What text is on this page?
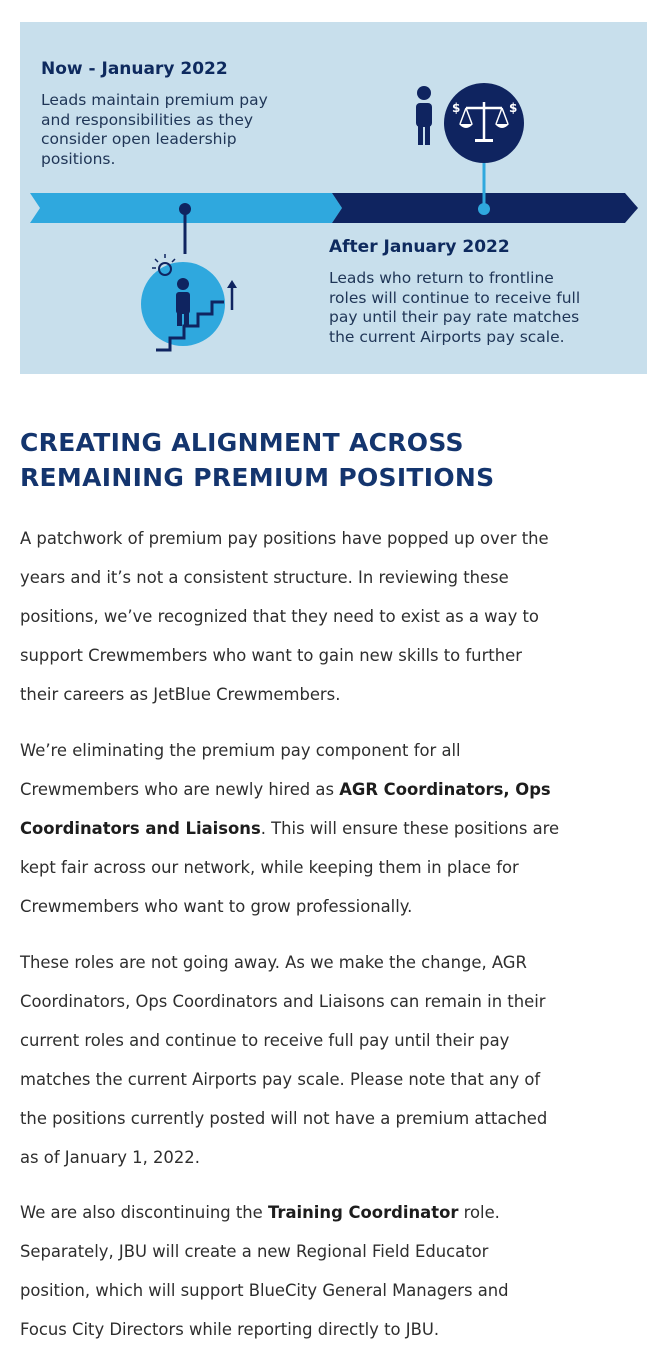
$	$
Now - January 2022
Leads maintain premium pay
and responsibilities as they
consider open leadership
positions.
After January 2022
Leads who return to frontline
roles will continue to receive full
pay until their pay rate matches
the current Airports pay scale.
CREATING ALIGNMENT ACROSS
REMAINING PREMIUM POSITIONS
A patchwork of premium pay positions have popped up over the
years and it’s not a consistent structure. In reviewing these
positions, we’ve recognized that they need to exist as a way to
support Crewmembers who want to gain new skills to further
their careers as JetBlue Crewmembers.
We’re eliminating the premium pay component for all
Crewmembers who are newly hired as AGR Coordinators, Ops
Coordinators and Liaisons. This will ensure these positions are
kept fair across our network, while keeping them in place for
Crewmembers who want to grow professionally.
These roles are not going away. As we make the change, AGR
Coordinators, Ops Coordinators and Liaisons can remain in their
current roles and continue to receive full pay until their pay
matches the current Airports pay scale. Please note that any of
the positions currently posted will not have a premium attached
as of January 1, 2022.
We are also discontinuing the Training Coordinator role.
Separately, JBU will create a new Regional Field Educator
position, which will support BlueCity General Managers and
Focus City Directors while reporting directly to JBU.
